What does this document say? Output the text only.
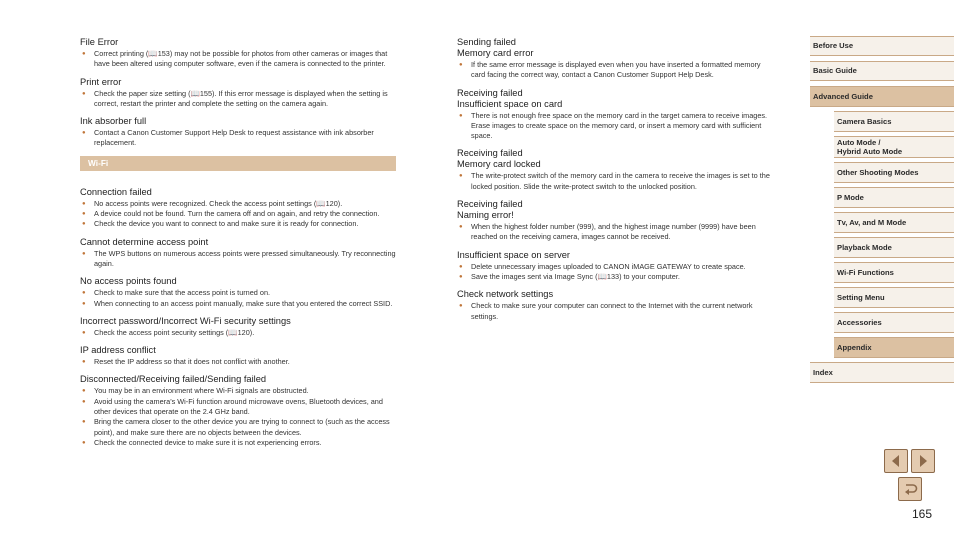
File Error

● Correct printing (📖153) may not be possible for photos from other cameras or images that have been altered using computer software, even if the camera is connected to the printer.

Print error

● Check the paper size setting (📖155). If this error message is displayed when the setting is correct, restart the printer and complete the setting on the camera again.

Ink absorber full

● Contact a Canon Customer Support Help Desk to request assistance with ink absorber replacement.
Wi-Fi

Connection failed

● No access points were recognized. Check the access point settings (📖120).
● A device could not be found. Turn the camera off and on again, and retry the connection.
● Check the device you want to connect to and make sure it is ready for connection.

Cannot determine access point

● The WPS buttons on numerous access points were pressed simultaneously. Try reconnecting again.

No access points found

● Check to make sure that the access point is turned on.
● When connecting to an access point manually, make sure that you entered the correct SSID.

Incorrect password/Incorrect Wi-Fi security settings

● Check the access point security settings (📖120).

IP address conflict

● Reset the IP address so that it does not conflict with another.

Disconnected/Receiving failed/Sending failed

● You may be in an environment where Wi-Fi signals are obstructed.
● Avoid using the camera’s Wi-Fi function around microwave ovens, Bluetooth devices, and other devices that operate on the 2.4 GHz band.
● Bring the camera closer to the other device you are trying to connect to (such as the access point), and make sure there are no objects between the devices.
● Check the connected device to make sure it is not experiencing errors.

Sending failed

Memory card error

● If the same error message is displayed even when you have inserted a formatted memory card facing the correct way, contact a Canon Customer Support Help Desk.

Receiving failed

Insufficient space on card

● There is not enough free space on the memory card in the target camera to receive images. Erase images to create space on the memory card, or insert a memory card with sufficient space.

Receiving failed

Memory card locked

● The write-protect switch of the memory card in the camera to receive the images is set to the locked position. Slide the write-protect switch to the unlocked position.

Receiving failed

Naming error!

● When the highest folder number (999), and the highest image number (9999) have been reached on the receiving camera, images cannot be received.

Insufficient space on server

● Delete unnecessary images uploaded to CANON iMAGE GATEWAY to create space.
● Save the images sent via Image Sync (📖133) to your computer.

Check network settings

● Check to make sure your computer can connect to the Internet with the current network settings.
Before Use
Basic Guide
Advanced Guide
Camera Basics
Auto Mode /
Hybrid Auto Mode
Other Shooting Modes
P Mode
Tv, Av, and M Mode
Playback Mode
Wi-Fi Functions
Setting Menu
Accessories
Appendix
Index
165
